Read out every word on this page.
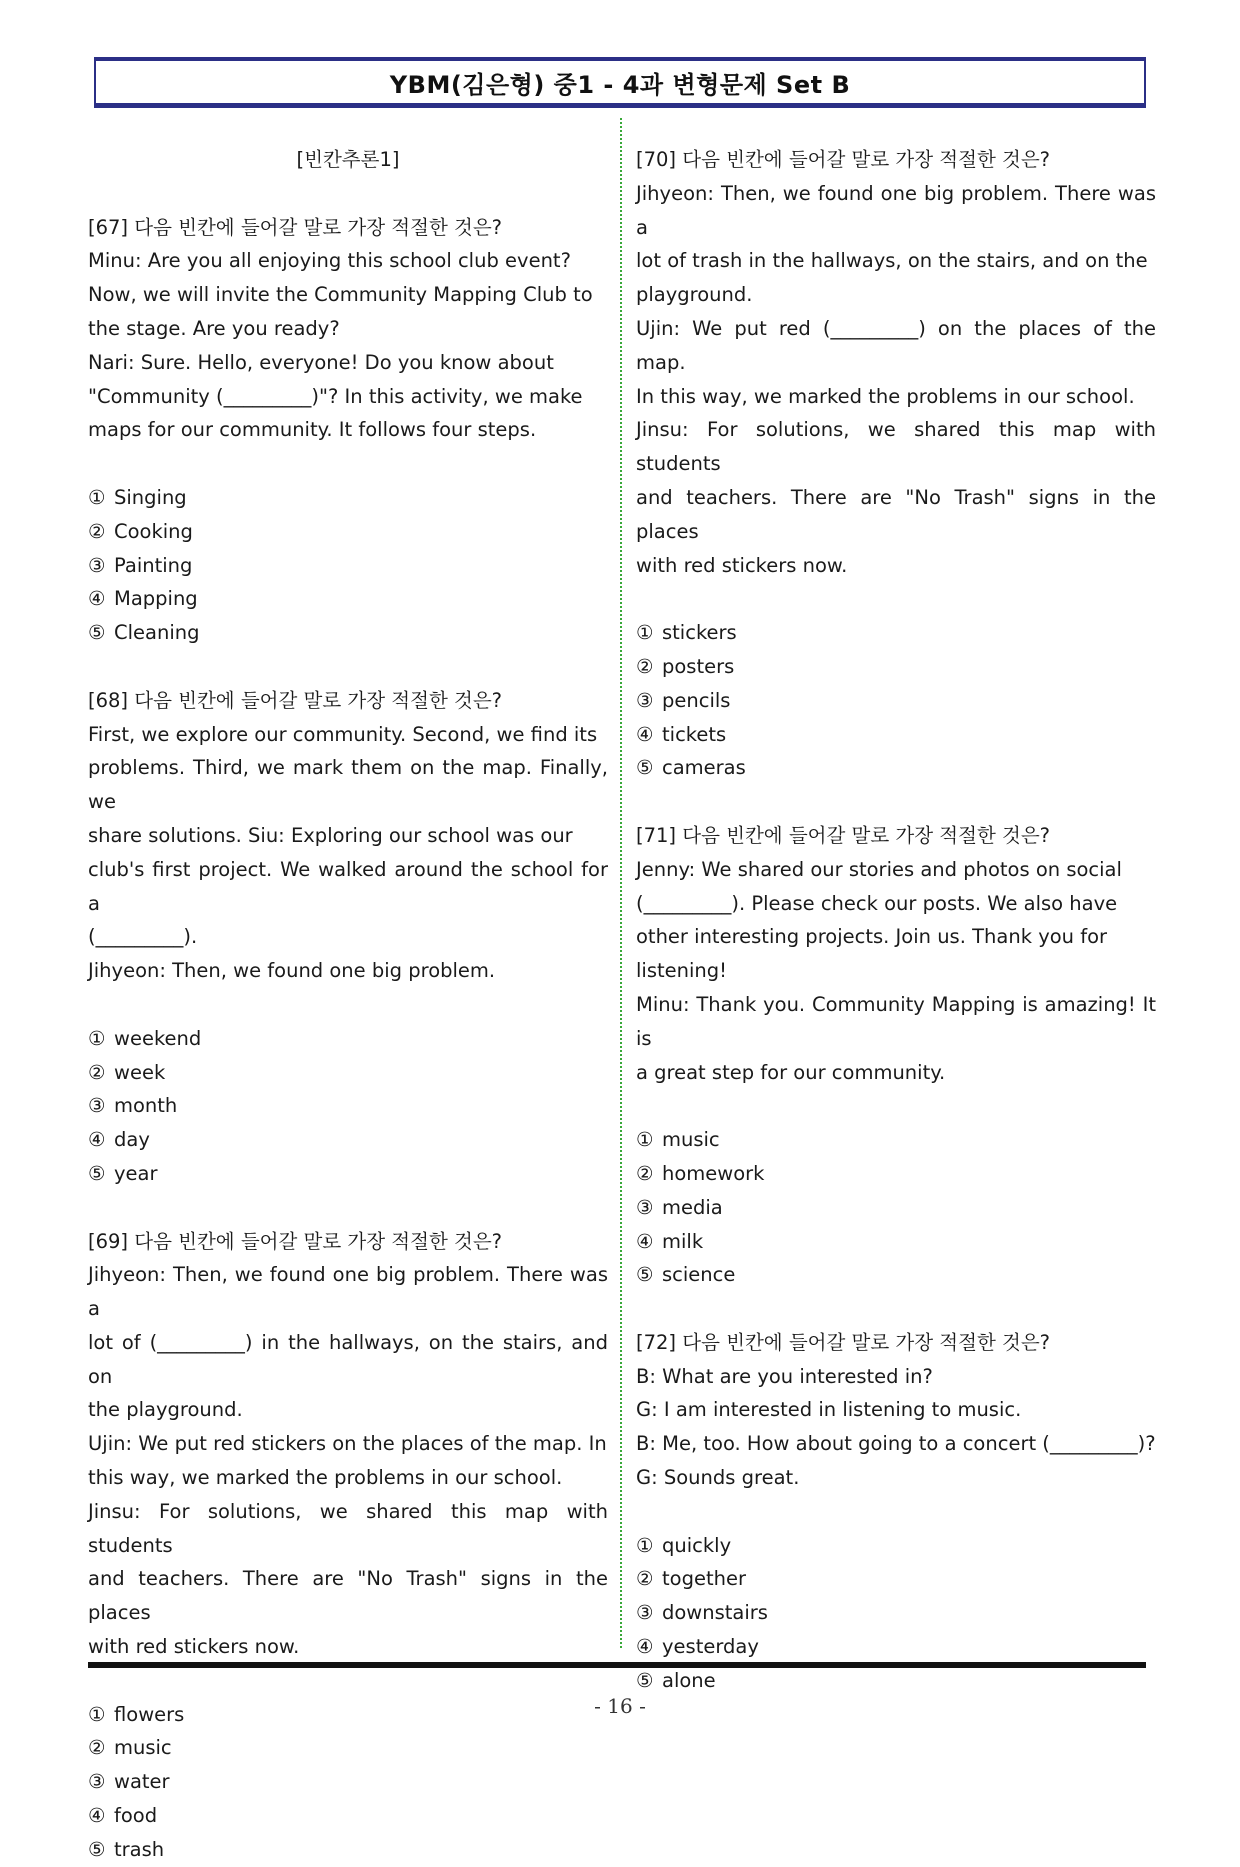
YBM(김은형) 중1 - 4과 변형문제 Set B

[빈칸추론1]

[67] 다음 빈칸에 들어갈 말로 가장 적절한 것은?

Minu: Are you all enjoying this school club event?
Now, we will invite the Community Mapping Club to
the stage. Are you ready?
Nari: Sure. Hello, everyone! Do you know about
"Community (_________)"? In this activity, we make
maps for our community. It follows four steps.
① Singing
② Cooking
③ Painting
④ Mapping
⑤ Cleaning

[68] 다음 빈칸에 들어갈 말로 가장 적절한 것은?

First, we explore our community. Second, we find its
problems. Third, we mark them on the map. Finally, we
share solutions. Siu: Exploring our school was our
club's first project. We walked around the school for a
(_________).
Jihyeon: Then, we found one big problem.
① weekend
② week
③ month
④ day
⑤ year

[69] 다음 빈칸에 들어갈 말로 가장 적절한 것은?

Jihyeon: Then, we found one big problem. There was a
lot of (_________) in the hallways, on the stairs, and on
the playground.
Ujin: We put red stickers on the places of the map. In
this way, we marked the problems in our school.
Jinsu: For solutions, we shared this map with students
and teachers. There are "No Trash" signs in the places
with red stickers now.
① flowers
② music
③ water
④ food
⑤ trash

[70] 다음 빈칸에 들어갈 말로 가장 적절한 것은?

Jihyeon: Then, we found one big problem. There was a
lot of trash in the hallways, on the stairs, and on the
playground.
Ujin: We put red (_________) on the places of the map.
In this way, we marked the problems in our school.
Jinsu: For solutions, we shared this map with students
and teachers. There are "No Trash" signs in the places
with red stickers now.
① stickers
② posters
③ pencils
④ tickets
⑤ cameras

[71] 다음 빈칸에 들어갈 말로 가장 적절한 것은?

Jenny: We shared our stories and photos on social
(_________). Please check our posts. We also have
other interesting projects. Join us. Thank you for
listening!
Minu: Thank you. Community Mapping is amazing! It is
a great step for our community.
① music
② homework
③ media
④ milk
⑤ science

[72] 다음 빈칸에 들어갈 말로 가장 적절한 것은?

B: What are you interested in?
G: I am interested in listening to music.
B: Me, too. How about going to a concert (_________)?
G: Sounds great.
① quickly
② together
③ downstairs
④ yesterday
⑤ alone
- 16 -
